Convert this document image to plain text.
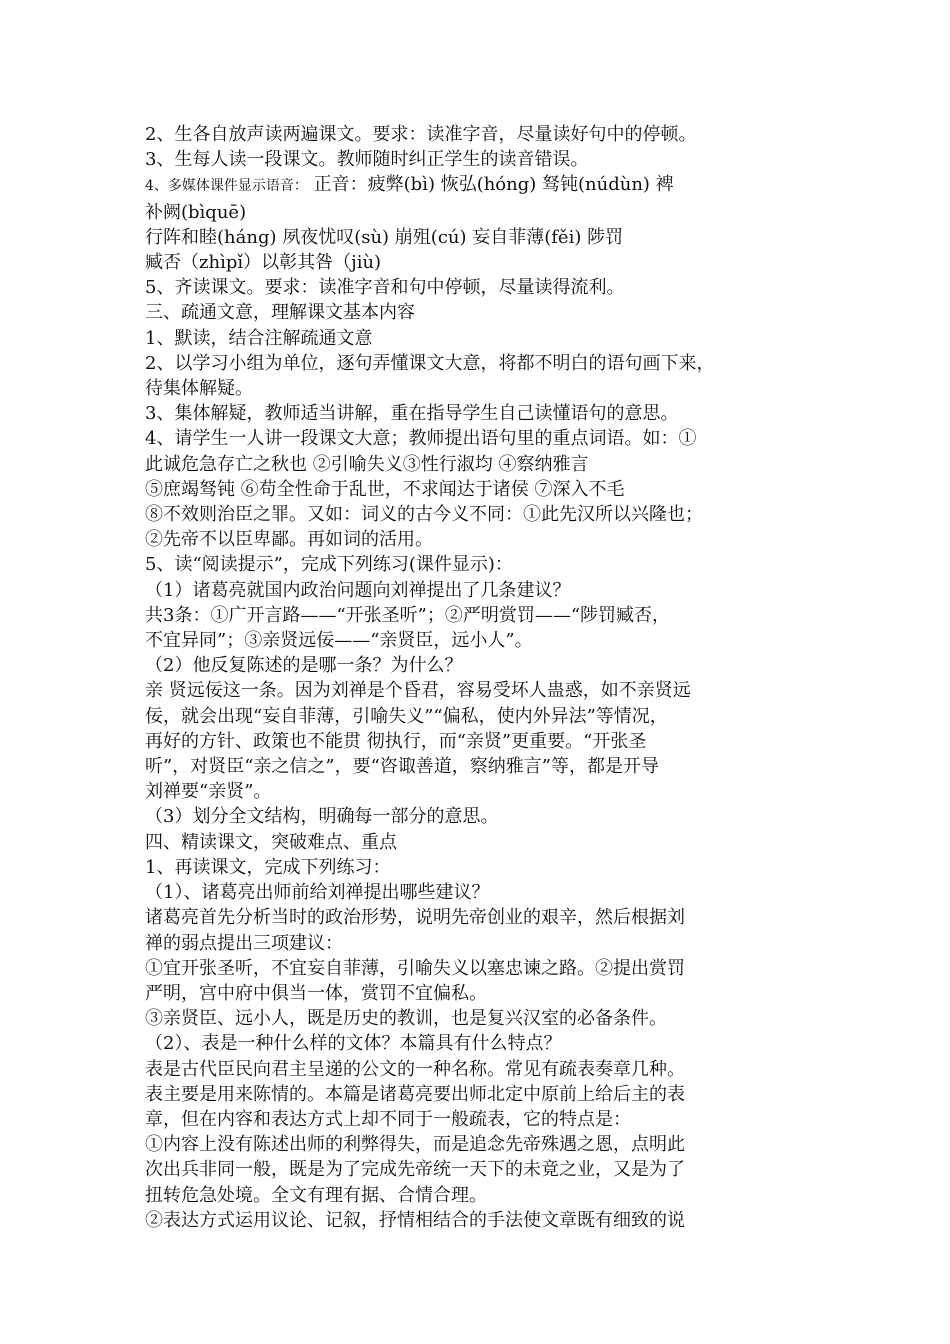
2、生各自放声读两遍课文。要求：读准字音，尽量读好句中的停顿。
3、生每人读一段课文。教师随时纠正学生的读音错误。
4、多媒体课件显示语音： 正音：疲弊(bì) 恢弘(hóng) 驽钝(núdùn) 裨
补阙(bìquē)
行阵和睦(háng) 夙夜忧叹(sù) 崩殂(cú) 妄自菲薄(fěi) 陟罚
臧否（zhìpǐ）以彰其咎（jiù)
5、齐读课文。要求：读准字音和句中停顿，尽量读得流利。
三、疏通文意，理解课文基本内容
1、默读，结合注解疏通文意
2、以学习小组为单位，逐句弄懂课文大意，将都不明白的语句画下来，
待集体解疑。
3、集体解疑，教师适当讲解，重在指导学生自己读懂语句的意思。
4、请学生一人讲一段课文大意；教师提出语句里的重点词语。如：①
此诚危急存亡之秋也 ②引喻失义③性行淑均 ④察纳雅言
⑤庶竭驽钝 ⑥苟全性命于乱世，不求闻达于诸侯 ⑦深入不毛
⑧不效则治臣之罪。又如：词义的古今义不同：①此先汉所以兴隆也；
②先帝不以臣卑鄙。再如词的活用。
5、读“阅读提示”，完成下列练习(课件显示)：
（1）诸葛亮就国内政治问题向刘禅提出了几条建议？
共3条：①广开言路——“开张圣听”；②严明赏罚——“陟罚臧否，
不宜异同”；③亲贤远佞——“亲贤臣，远小人”。
（2）他反复陈述的是哪一条？为什么？
亲 贤远佞这一条。因为刘禅是个昏君，容易受坏人蛊惑，如不亲贤远
佞，就会出现“妄自菲薄，引喻失义”“偏私，使内外异法”等情况，
再好的方针、政策也不能贯 彻执行，而“亲贤”更重要。“开张圣
听”，对贤臣“亲之信之”，要“咨诹善道，察纳雅言”等，都是开导
刘禅要“亲贤”。
（3）划分全文结构，明确每一部分的意思。
四、精读课文，突破难点、重点
1、再读课文，完成下列练习：
（1）、诸葛亮出师前给刘禅提出哪些建议？
诸葛亮首先分析当时的政治形势，说明先帝创业的艰辛，然后根据刘
禅的弱点提出三项建议：
①宜开张圣听，不宜妄自菲薄，引喻失义以塞忠谏之路。②提出赏罚
严明，宫中府中俱当一体，赏罚不宜偏私。
③亲贤臣、远小人，既是历史的教训，也是复兴汉室的必备条件。
（2）、表是一种什么样的文体？本篇具有什么特点？
表是古代臣民向君主呈递的公文的一种名称。常见有疏表奏章几种。
表主要是用来陈情的。本篇是诸葛亮要出师北定中原前上给后主的表
章，但在内容和表达方式上却不同于一般疏表，它的特点是：
①内容上没有陈述出师的利弊得失，而是追念先帝殊遇之恩，点明此
次出兵非同一般，既是为了完成先帝统一天下的未竟之业，又是为了
扭转危急处境。全文有理有据、合情合理。
②表达方式运用议论、记叙，抒情相结合的手法使文章既有细致的说
